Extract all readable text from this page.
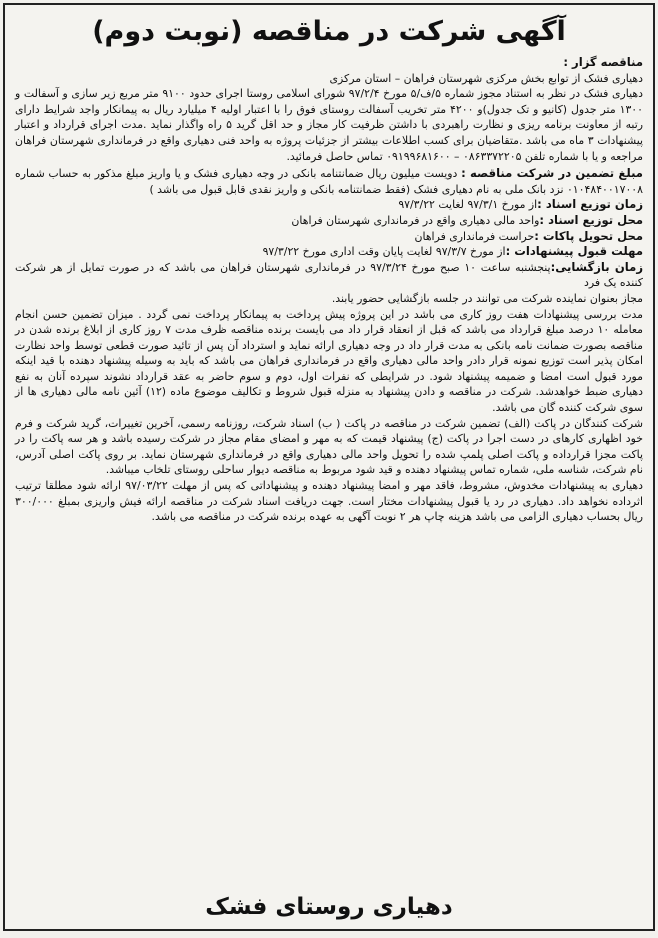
آگهی شرکت در مناقصه (نوبت دوم)

مناقصه گزار :

دهیاری فشک از توابع بخش مرکزی شهرستان فراهان – استان مرکزی

دهیاری فشک در نظر به استناد مجوز شماره ۵/ف/۵ مورخ ۹۷/۲/۴ شورای اسلامی روستا اجرای حدود ۹۱۰۰ متر مربع زیر سازی و آسفالت و ۱۳۰۰ متر جدول (کانیو و تک جدول)و ۴۲۰۰ متر تخریب آسفالت روستای فوق را با اعتبار اولیه ۴ میلیارد ریال به پیمانکار واجد شرایط دارای رتبه از معاونت برنامه ریزی و نظارت راهبردی با داشتن ظرفیت کار مجاز و حد اقل گرید ۵ راه واگذار نماید .مدت اجرای قرارداد و اعتبار پیشنهادات ۳ ماه می باشد .متقاضیان برای کسب اطلاعات بیشتر از جزئیات پروژه به واحد فنی دهیاری واقع در فرمانداری شهرستان فراهان مراجعه و یا با شماره تلفن ۰۸۶۳۳۷۲۲۰۵ – ۰۹۱۹۹۶۸۱۶۰۰ تماس حاصل فرمائید.

مبلغ تضمین در شرکت مناقصه : دویست میلیون ریال ضمانتنامه بانکی در وجه دهیاری فشک و یا واریز مبلغ مذکور به حساب شماره ۰۱۰۴۸۴۰۰۱۷۰۰۸ نزد بانک ملی به نام دهیاری فشک (فقط ضمانتنامه بانکی و واریز نقدی قابل قبول می باشد )

زمان توزیع اسناد :از مورخ ۹۷/۳/۱ لغایت ۹۷/۳/۲۲

محل توزیع اسناد :واحد مالی دهیاری واقع در فرمانداری شهرستان فراهان

محل تحویل پاکات :حراست فرمانداری فراهان

مهلت قبول پیشنهادات :از مورخ ۹۷/۳/۷ لغایت پایان وقت اداری مورخ ۹۷/۳/۲۲

زمان بازگشایی:پنجشنبه ساعت ۱۰ صبح مورخ ۹۷/۳/۲۴ در فرمانداری شهرستان فراهان می باشد که در صورت تمایل از هر شرکت کننده یک فرد

مجاز بعنوان نماینده شرکت می توانند در جلسه بازگشایی حضور یابند.

مدت بررسی پیشنهادات هفت روز کاری می باشد در این پروژه پیش پرداخت به پیمانکار پرداخت نمی گردد . میزان تضمین حسن انجام معامله ۱۰ درصد مبلغ قرارداد می باشد که قبل از انعقاد قرار داد می بایست برنده مناقصه ظرف مدت ۷ روز کاری از ابلاغ برنده شدن در مناقصه بصورت ضمانت نامه بانکی به مدت قرار داد در وجه دهیاری ارائه نماید و استرداد آن پس از تائید صورت قطعی توسط واحد نظارت امکان پذیر است توزیع نمونه قرار دادر واحد مالی دهیاری واقع در فرمانداری فراهان می باشد که باید به وسیله پیشنهاد دهنده با قید اینکه مورد قبول است امضا و ضمیمه پیشنهاد شود. در شرایطی که نفرات اول، دوم و سوم حاضر به عقد قرارداد نشوند سپرده آنان به نفع دهیاری ضبط خواهدشد. شرکت در مناقصه و دادن پیشنهاد به منزله قبول شروط و تکالیف موضوع ماده (۱۲) آئین نامه مالی دهیاری ها از سوی شرکت کننده گان می باشد.

شرکت کنندگان در پاکت (الف) تضمین شرکت در مناقصه در پاکت ( ب) اسناد شرکت، روزنامه رسمی، آخرین تغییرات، گرید شرکت و فرم خود اظهاری کارهای در دست اجرا در پاکت (ج) پیشنهاد قیمت که به مهر و امضای مقام مجاز در شرکت رسیده باشد و هر سه پاکت را در پاکت مجزا قرارداده و پاکت اصلی پلمپ شده را تحویل واحد مالی دهیاری واقع در فرمانداری شهرستان نماید. بر روی پاکت اصلی آدرس، نام شرکت، شناسه ملی، شماره تماس پیشنهاد دهنده و قید شود مربوط به مناقصه دیوار ساحلی روستای تلخاب میباشد.

دهیاری به پیشنهادات مخدوش، مشروط، فاقد مهر و امضا پیشنهاد دهنده و پیشنهاداتی که پس از مهلت ۹۷/۰۳/۲۲ ارائه شود مطلقا ترتیب اثرداده نخواهد داد. دهیاری در رد یا قبول پیشنهادات مختار است. جهت دریافت اسناد شرکت در مناقصه ارائه فیش واریزی بمبلغ ۳۰۰/۰۰۰ ریال بحساب دهیاری الزامی می باشد هزینه چاپ هر ۲ نوبت آگهی به عهده برنده شرکت در مناقصه می باشد.

دهیاری روستای فشک
